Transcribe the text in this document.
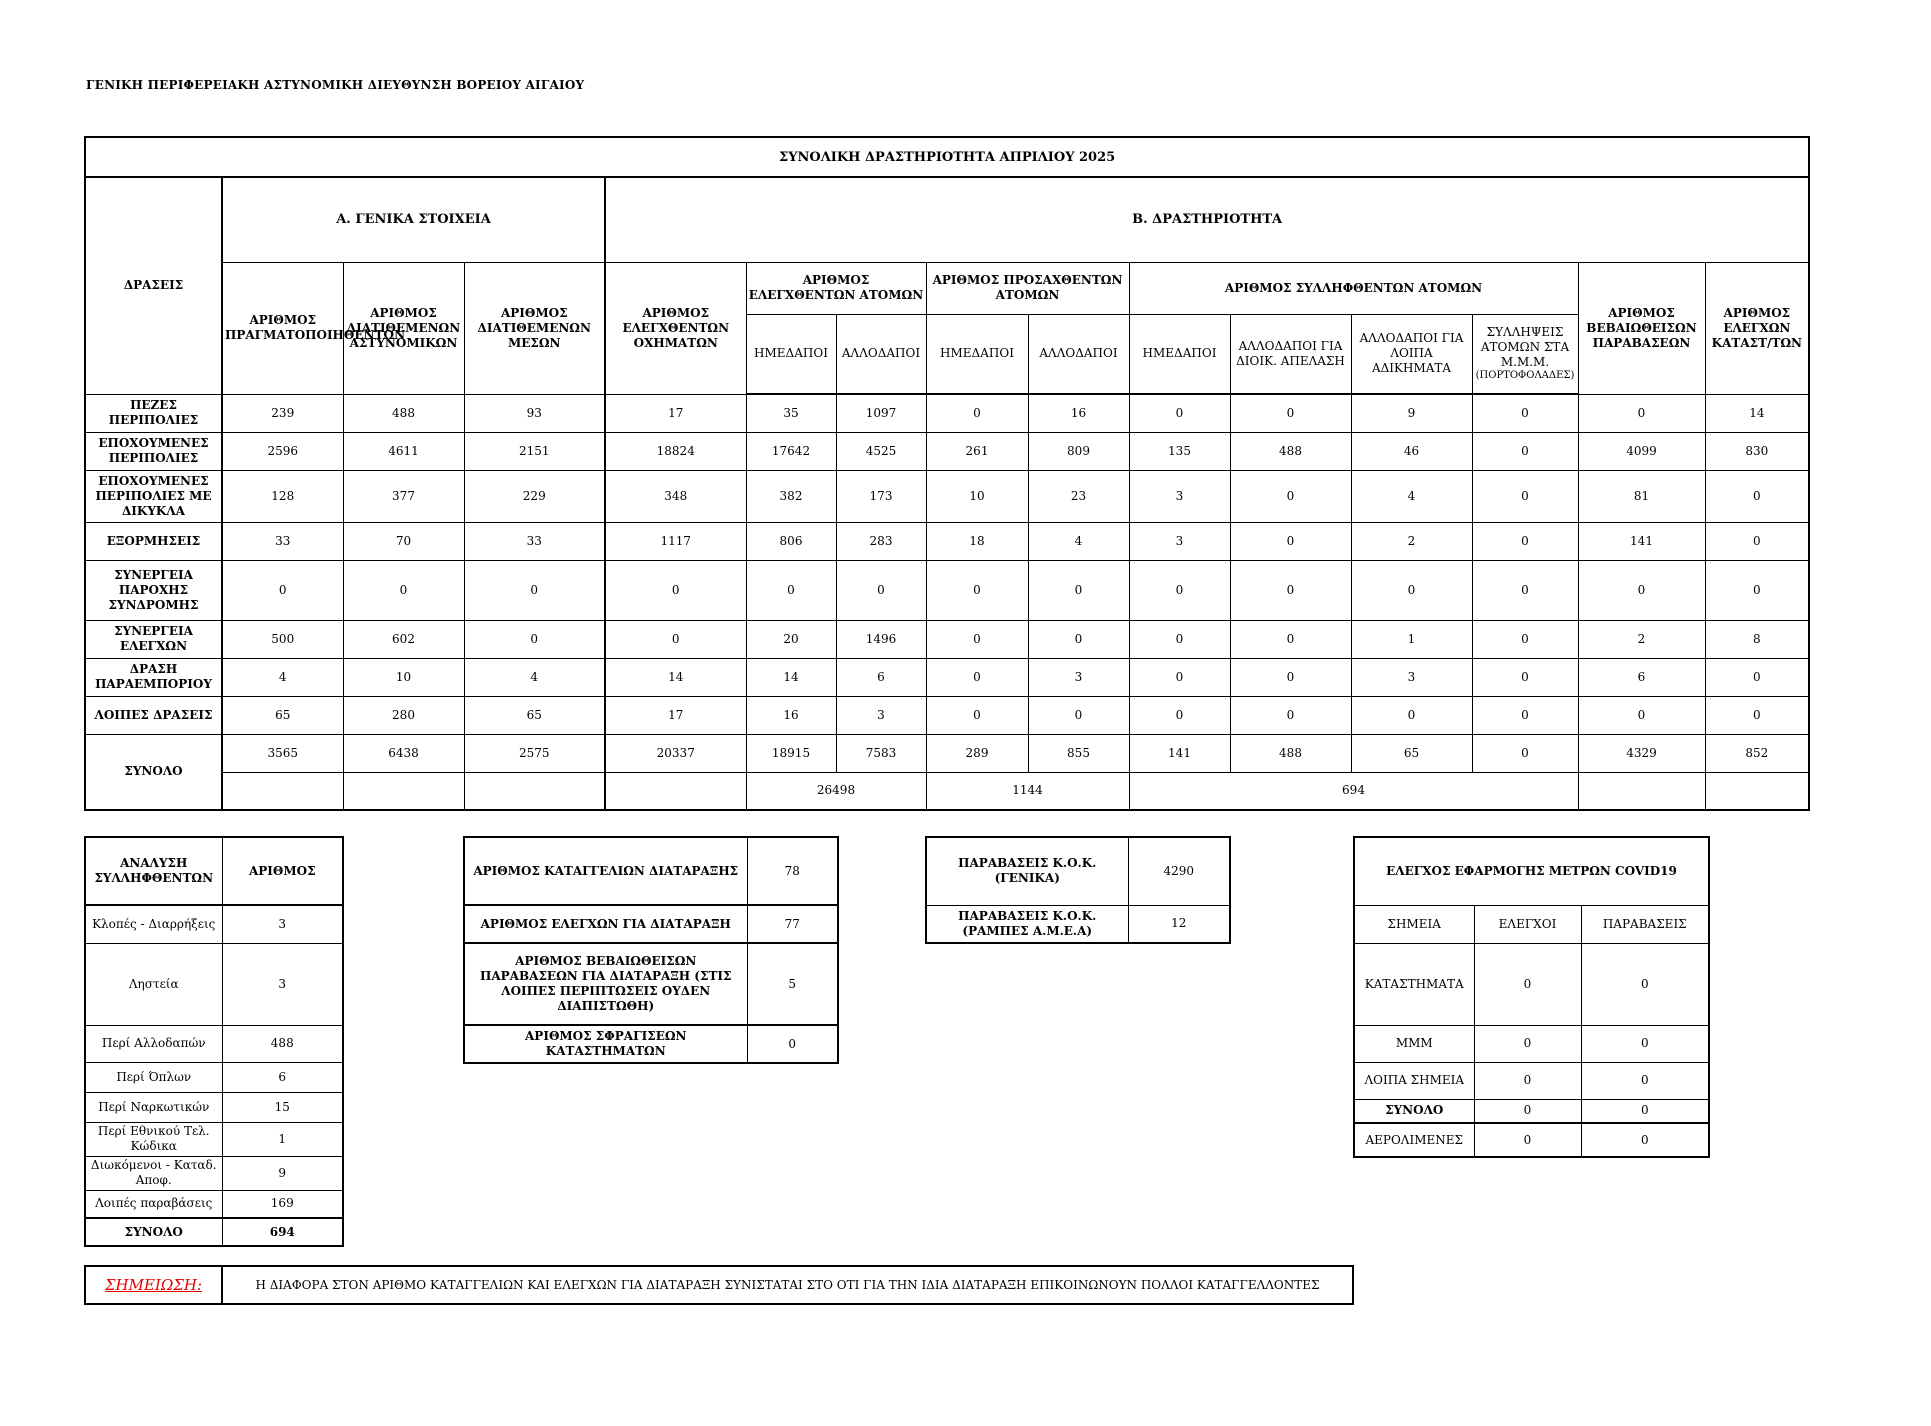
ΓΕΝΙΚΗ ΠΕΡΙΦΕΡΕΙΑΚΗ ΑΣΤΥΝΟΜΙΚΗ ΔΙΕΥΘΥΝΣΗ ΒΟΡΕΙΟΥ ΑΙΓΑΙΟΥ
ΣΥΝΟΛΙΚΗ ΔΡΑΣΤΗΡΙΟΤΗΤΑ ΑΠΡΙΛΙΟΥ 2025														
ΔΡΑΣΕΙΣ	Α. ΓΕΝΙΚΑ ΣΤΟΙΧΕΙΑ			Β. ΔΡΑΣΤΗΡΙΟΤΗΤΑ										
	ΑΡΙΘΜΟΣ ΠΡΑΓΜΑΤΟΠΟΙΗΘΕΝΤΩΝ	ΑΡΙΘΜΟΣ ΔΙΑΤΙΘΕΜΕΝΩΝ ΑΣΤΥΝΟΜΙΚΩΝ	ΑΡΙΘΜΟΣ ΔΙΑΤΙΘΕΜΕΝΩΝ ΜΕΣΩΝ	ΑΡΙΘΜΟΣ ΕΛΕΓΧΘΕΝΤΩΝ ΟΧΗΜΑΤΩΝ	ΑΡΙΘΜΟΣ ΕΛΕΓΧΘΕΝΤΩΝ ΑΤΟΜΩΝ		ΑΡΙΘΜΟΣ ΠΡΟΣΑΧΘΕΝΤΩΝ ΑΤΟΜΩΝ		ΑΡΙΘΜΟΣ ΣΥΛΛΗΦΘΕΝΤΩΝ ΑΤΟΜΩΝ				ΑΡΙΘΜΟΣ ΒΕΒΑΙΩΘΕΙΣΩΝ ΠΑΡΑΒΑΣΕΩΝ	ΑΡΙΘΜΟΣ ΕΛΕΓΧΩΝ ΚΑΤΑΣΤ/ΤΩΝ
					ΗΜΕΔΑΠΟΙ	ΑΛΛΟΔΑΠΟΙ	ΗΜΕΔΑΠΟΙ	ΑΛΛΟΔΑΠΟΙ	ΗΜΕΔΑΠΟΙ	ΑΛΛΟΔΑΠΟΙ ΓΙΑ ΔΙΟΙΚ. ΑΠΕΛΑΣΗ	ΑΛΛΟΔΑΠΟΙ ΓΙΑ ΛΟΙΠΑ ΑΔΙΚΗΜΑΤΑ	ΣΥΛΛΗΨΕΙΣ ΑΤΟΜΩΝ ΣΤΑ Μ.Μ.Μ.
(ΠΟΡΤΟΦΟΛΑΔΕΣ)		

ΠΕΖΕΣ ΠΕΡΙΠΟΛΙΕΣ	239	488	93	17	35	1097	0	16	0	0	9	0	0	14
ΕΠΟΧΟΥΜΕΝΕΣ ΠΕΡΙΠΟΛΙΕΣ	2596	4611	2151	18824	17642	4525	261	809	135	488	46	0	4099	830
ΕΠΟΧΟΥΜΕΝΕΣ ΠΕΡΙΠΟΛΙΕΣ ΜΕ ΔΙΚΥΚΛΑ	128	377	229	348	382	173	10	23	3	0	4	0	81	0
ΕΞΟΡΜΗΣΕΙΣ	33	70	33	1117	806	283	18	4	3	0	2	0	141	0
ΣΥΝΕΡΓΕΙΑ ΠΑΡΟΧΗΣ ΣΥΝΔΡΟΜΗΣ	0	0	0	0	0	0	0	0	0	0	0	0	0	0
ΣΥΝΕΡΓΕΙΑ ΕΛΕΓΧΩΝ	500	602	0	0	20	1496	0	0	0	0	1	0	2	8
ΔΡΑΣΗ ΠΑΡΑΕΜΠΟΡΙΟΥ	4	10	4	14	14	6	0	3	0	0	3	0	6	0
ΛΟΙΠΕΣ ΔΡΑΣΕΙΣ	65	280	65	17	16	3	0	0	0	0	0	0	0	0
ΣΥΝΟΛΟ	3565	6438	2575	20337	18915	7583	289	855	141	488	65	0	4329	852
					26498		1144		694					
ΑΝΑΛΥΣΗ ΣΥΛΛΗΦΘΕΝΤΩΝ	ΑΡΙΘΜΟΣ
Κλοπές - Διαρρήξεις	3
Ληστεία	3
Περί Αλλοδαπών	488
Περί Όπλων	6
Περί Ναρκωτικών	15
Περί Εθνικού Τελ. Κώδικα	1
Διωκόμενοι - Καταδ. Αποφ.	9
Λοιπές παραβάσεις	169
ΣΥΝΟΛΟ	694
ΑΡΙΘΜΟΣ ΚΑΤΑΓΓΕΛΙΩΝ ΔΙΑΤΑΡΑΞΗΣ	78
ΑΡΙΘΜΟΣ ΕΛΕΓΧΩΝ ΓΙΑ ΔΙΑΤΑΡΑΞΗ	77
ΑΡΙΘΜΟΣ ΒΕΒΑΙΩΘΕΙΣΩΝ ΠΑΡΑΒΑΣΕΩΝ ΓΙΑ ΔΙΑΤΑΡΑΞΗ (ΣΤΙΣ ΛΟΙΠΕΣ ΠΕΡΙΠΤΩΣΕΙΣ ΟΥΔΕΝ ΔΙΑΠΙΣΤΩΘΗ)	5
ΑΡΙΘΜΟΣ ΣΦΡΑΓΙΣΕΩΝ ΚΑΤΑΣΤΗΜΑΤΩΝ	0
ΠΑΡΑΒΑΣΕΙΣ Κ.Ο.Κ. (ΓΕΝΙΚΑ)	4290
ΠΑΡΑΒΑΣΕΙΣ Κ.Ο.Κ. (ΡΑΜΠΕΣ Α.Μ.Ε.Α)	12
ΕΛΕΓΧΟΣ ΕΦΑΡΜΟΓΗΣ ΜΕΤΡΩΝ COVID19		
ΣΗΜΕΙΑ	ΕΛΕΓΧΟΙ	ΠΑΡΑΒΑΣΕΙΣ
ΚΑΤΑΣΤΗΜΑΤΑ	0	0
ΜΜΜ	0	0
ΛΟΙΠΑ ΣΗΜΕΙΑ	0	0
ΣΥΝΟΛΟ	0	0
ΑΕΡΟΛΙΜΕΝΕΣ	0	0
ΣΗΜΕΙΩΣΗ:	Η ΔΙΑΦΟΡΑ ΣΤΟΝ ΑΡΙΘΜΟ ΚΑΤΑΓΓΕΛΙΩΝ ΚΑΙ ΕΛΕΓΧΩΝ ΓΙΑ ΔΙΑΤΑΡΑΞΗ ΣΥΝΙΣΤΑΤΑΙ ΣΤΟ ΟΤΙ ΓΙΑ ΤΗΝ ΙΔΙΑ ΔΙΑΤΑΡΑΞΗ ΕΠΙΚΟΙΝΩΝΟΥΝ ΠΟΛΛΟΙ ΚΑΤΑΓΓΕΛΛΟΝΤΕΣ
